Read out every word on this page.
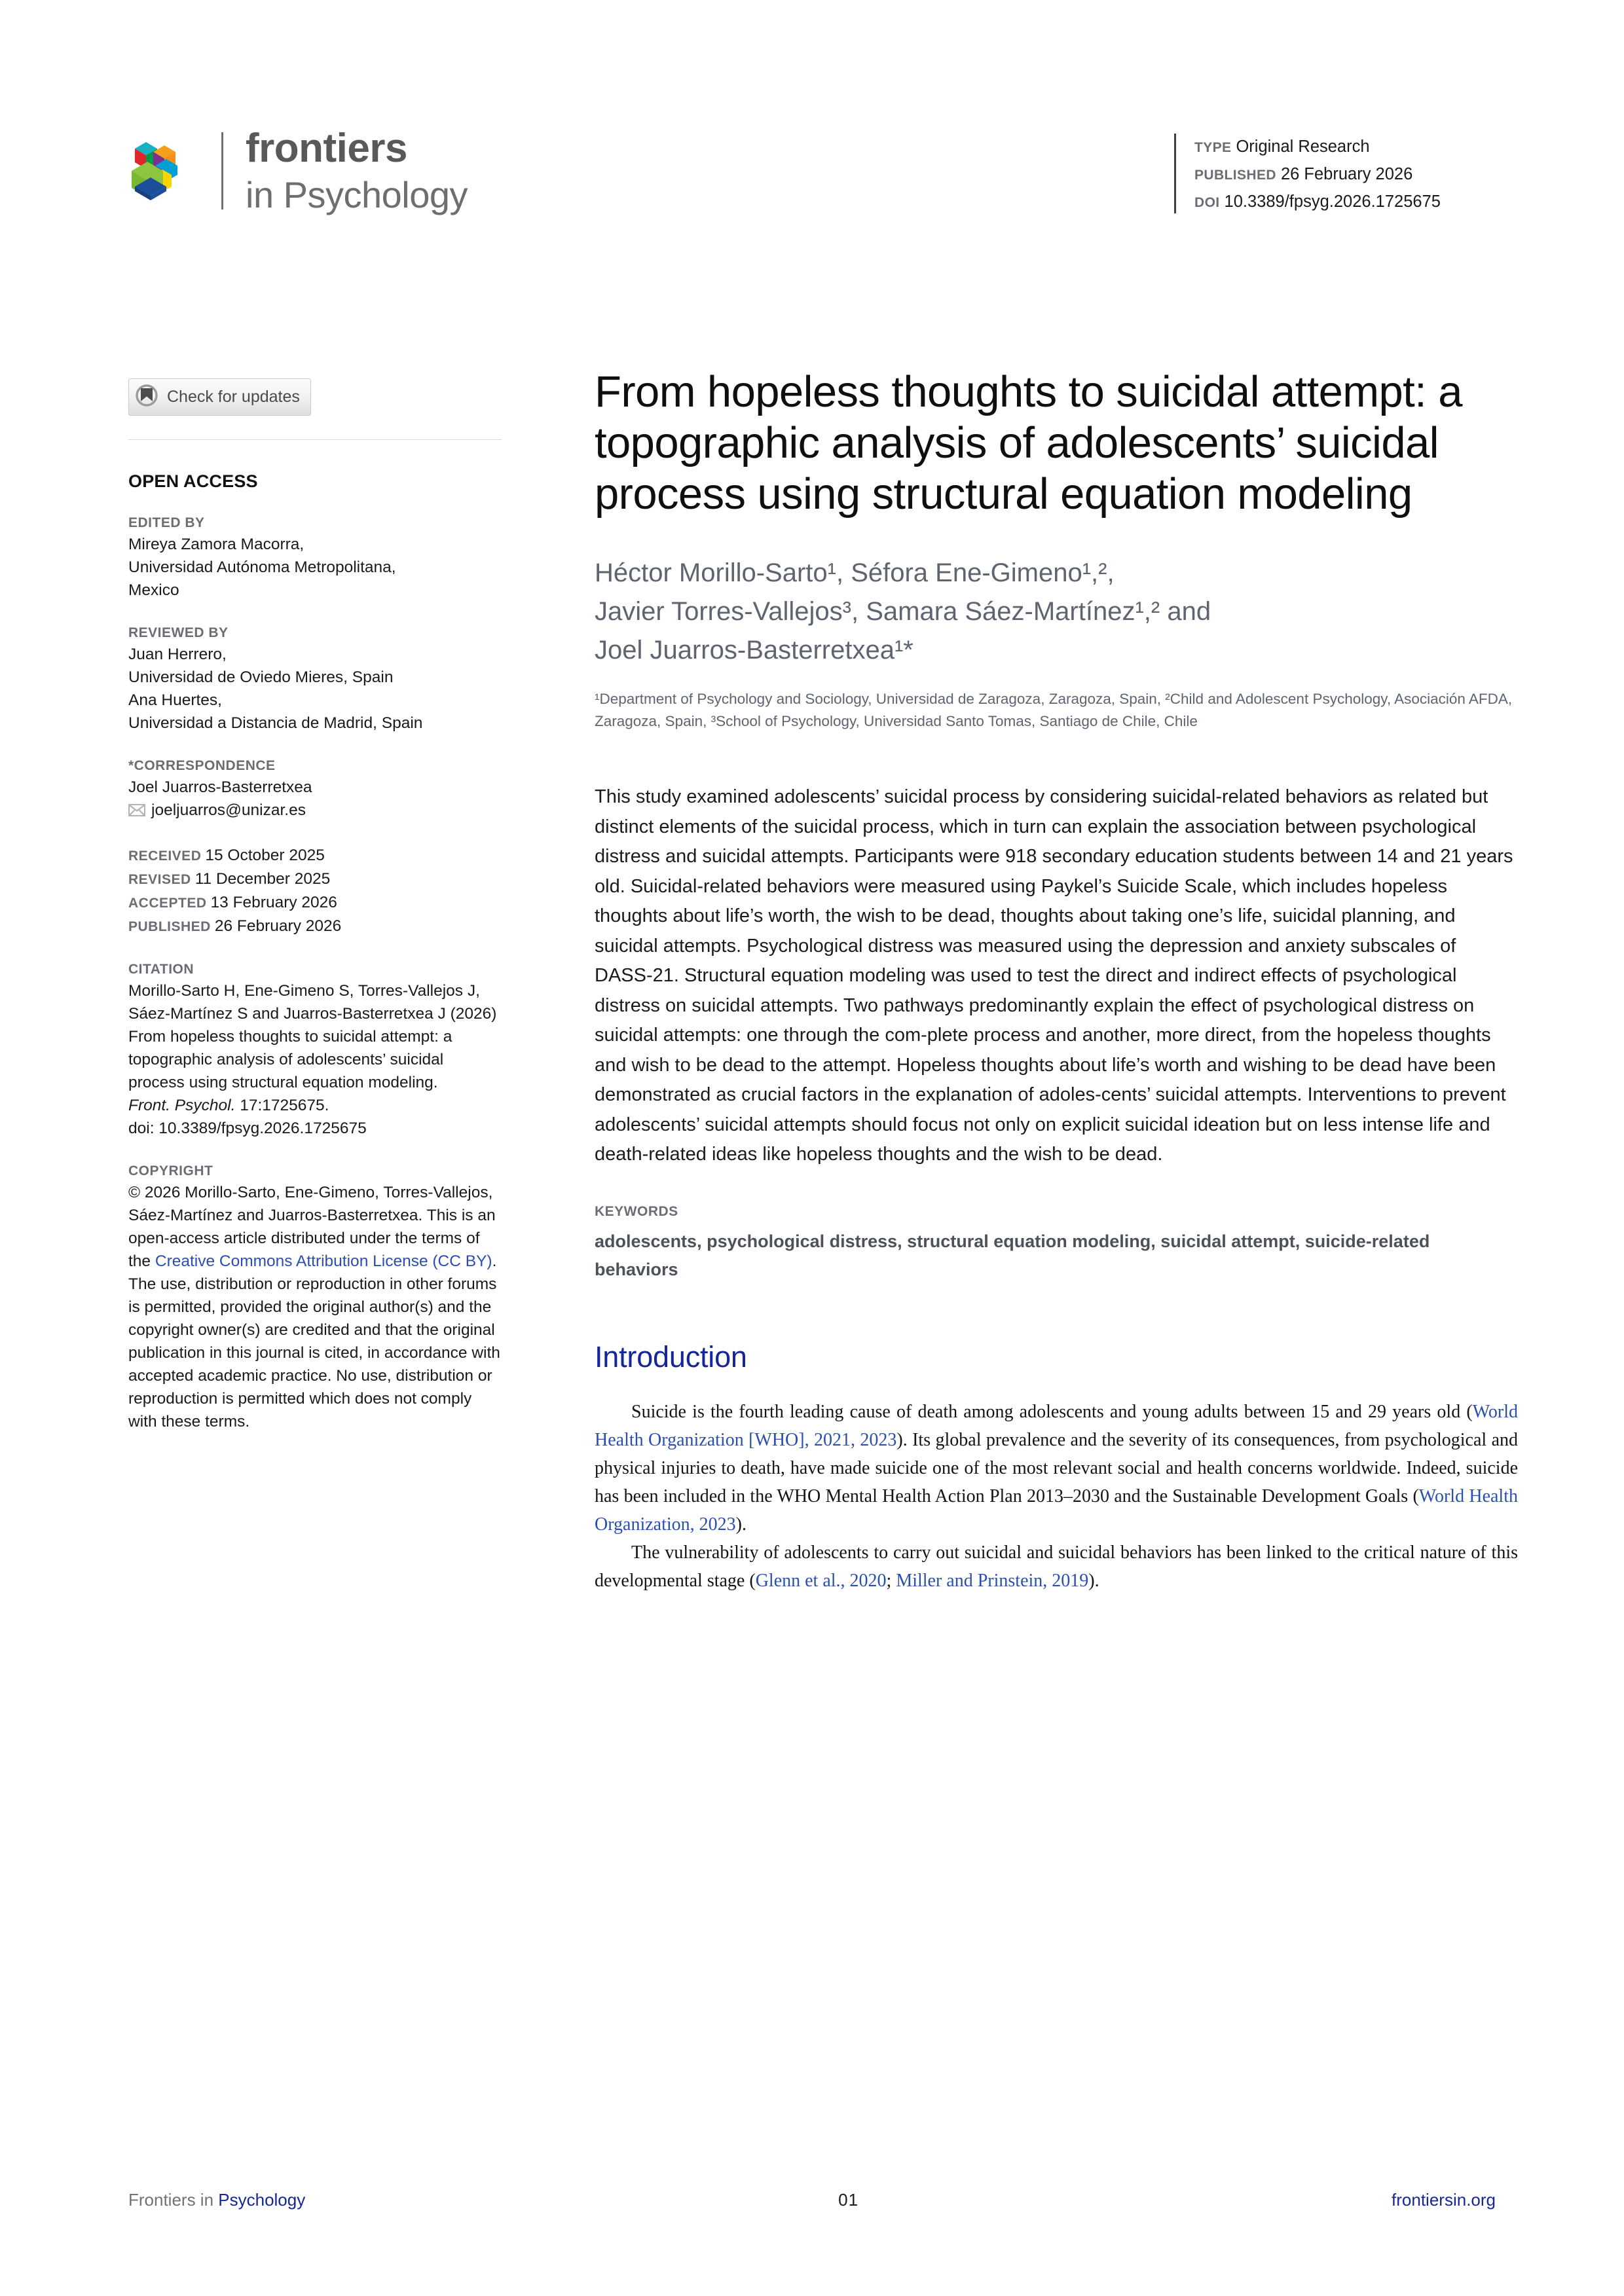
frontiers
in Psychology
TYPE Original Research
PUBLISHED 26 February 2026
DOI 10.3389/fpsyg.2026.1725675
Check for updates
OPEN ACCESS
EDITED BY
Mireya Zamora Macorra,
Universidad Autónoma Metropolitana,
Mexico
REVIEWED BY
Juan Herrero,
Universidad de Oviedo Mieres, Spain
Ana Huertes,
Universidad a Distancia de Madrid, Spain
*CORRESPONDENCE
Joel Juarros-Basterretxea
joeljuarros@unizar.es
RECEIVED 15 October 2025
REVISED 11 December 2025
ACCEPTED 13 February 2026
PUBLISHED 26 February 2026
CITATION
Morillo-Sarto H, Ene-Gimeno S, Torres-Vallejos J, Sáez-Martínez S and Juarros-Basterretxea J (2026) From hopeless thoughts to suicidal attempt: a topographic analysis of adolescents’ suicidal process using structural equation modeling.
Front. Psychol. 17:1725675.
doi: 10.3389/fpsyg.2026.1725675
COPYRIGHT
© 2026 Morillo-Sarto, Ene-Gimeno, Torres-Vallejos, Sáez-Martínez and Juarros-Basterretxea. This is an open-access article distributed under the terms of the Creative Commons Attribution License (CC BY). The use, distribution or reproduction in other forums is permitted, provided the original author(s) and the copyright owner(s) are credited and that the original publication in this journal is cited, in accordance with accepted academic practice. No use, distribution or reproduction is permitted which does not comply with these terms.
From hopeless thoughts to suicidal attempt: a topographic analysis of adolescents’ suicidal process using structural equation modeling
Héctor Morillo-Sarto¹, Séfora Ene-Gimeno¹,²,
Javier Torres-Vallejos³, Samara Sáez-Martínez¹,² and
Joel Juarros-Basterretxea¹*
¹Department of Psychology and Sociology, Universidad de Zaragoza, Zaragoza, Spain, ²Child and Adolescent Psychology, Asociación AFDA, Zaragoza, Spain, ³School of Psychology, Universidad Santo Tomas, Santiago de Chile, Chile
This study examined adolescents’ suicidal process by considering suicidal-related behaviors as related but distinct elements of the suicidal process, which in turn can explain the association between psychological distress and suicidal attempts. Participants were 918 secondary education students between 14 and 21 years old. Suicidal-related behaviors were measured using Paykel’s Suicide Scale, which includes hopeless thoughts about life’s worth, the wish to be dead, thoughts about taking one’s life, suicidal planning, and suicidal attempts. Psychological distress was measured using the depression and anxiety subscales of DASS-21. Structural equation modeling was used to test the direct and indirect effects of psychological distress on suicidal attempts. Two pathways predominantly explain the effect of psychological distress on suicidal attempts: one through the com-plete process and another, more direct, from the hopeless thoughts and wish to be dead to the attempt. Hopeless thoughts about life’s worth and wishing to be dead have been demonstrated as crucial factors in the explanation of adoles-cents’ suicidal attempts. Interventions to prevent adolescents’ suicidal attempts should focus not only on explicit suicidal ideation but on less intense life and death-related ideas like hopeless thoughts and the wish to be dead.
KEYWORDS
adolescents, psychological distress, structural equation modeling, suicidal attempt, suicide-related behaviors
Introduction

Suicide is the fourth leading cause of death among adolescents and young adults between 15 and 29 years old (World Health Organization [WHO], 2021, 2023). Its global prevalence and the severity of its consequences, from psychological and physical injuries to death, have made suicide one of the most relevant social and health concerns worldwide. Indeed, suicide has been included in the WHO Mental Health Action Plan 2013–2030 and the Sustainable Development Goals (World Health Organization, 2023).

The vulnerability of adolescents to carry out suicidal and suicidal behaviors has been linked to the critical nature of this developmental stage (Glenn et al., 2020; Miller and Prinstein, 2019).

Frontiers in Psychology	01	frontiersin.org
